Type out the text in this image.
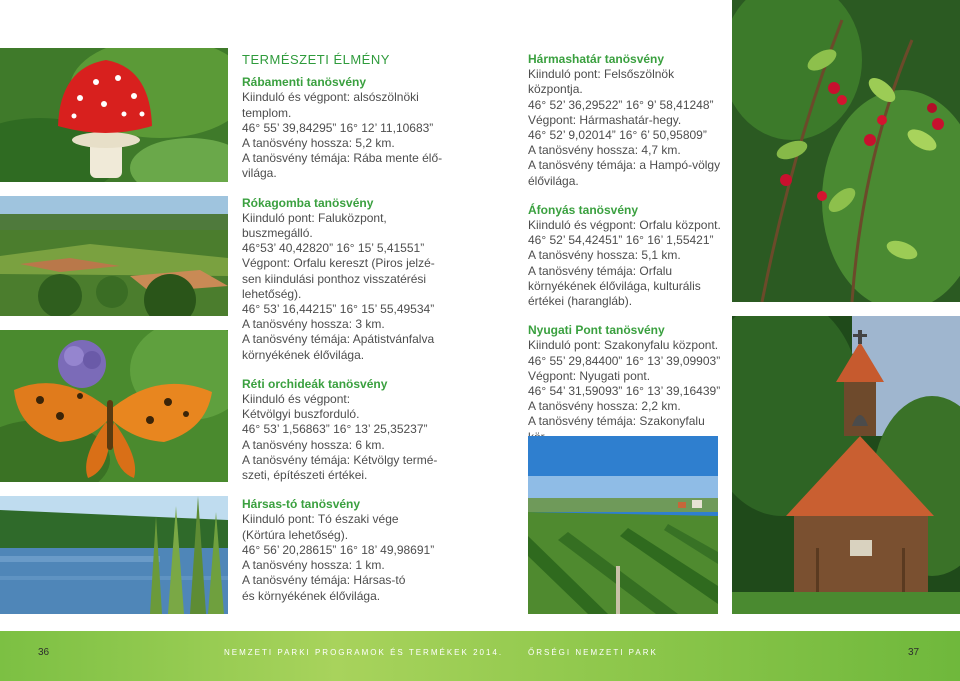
TERMÉSZETI ÉLMÉNY
Rábamenti tanösvény

Kiinduló és végpont: alsószölnöki

templom.

46° 55’ 39,84295” 16° 12’ 11,10683”

A tanösvény hossza: 5,2 km.

A tanösvény témája: Rába mente élő-

világa.

Rókagomba tanösvény

Kiinduló pont: Faluközpont,

buszmegálló.

46°53’ 40,42820” 16° 15’ 5,41551”

Végpont: Orfalu kereszt (Piros jelzé-

sen kiindulási ponthoz visszatérési

lehetőség).

46° 53’ 16,44215” 16° 15’ 55,49534”

A tanösvény hossza: 3 km.

A tanösvény témája: Apátistvánfalva

környékének élővilága.

Réti orchideák tanösvény

Kiinduló és végpont:

Kétvölgyi buszforduló.

46° 53’ 1,56863” 16° 13’ 25,35237”

A tanösvény hossza: 6 km.

A tanösvény témája: Kétvölgy termé-

szeti, építészeti értékei.

Hársas-tó tanösvény

Kiinduló pont: Tó északi vége

(Körtúra lehetőség).

46° 56’ 20,28615” 16° 18’ 49,98691”

A tanösvény hossza: 1 km.

A tanösvény témája: Hársas-tó

és környékének élővilága.

Hármashatár tanösvény

Kiinduló pont: Felsőszölnök központja.

46° 52’ 36,29522” 16° 9’ 58,41248”

Végpont: Hármashatár-hegy.

46° 52’ 9,02014” 16° 6’ 50,95809”

A tanösvény hossza: 4,7 km.

A tanösvény témája: a Hampó-völgy

élővilága.

Áfonyás tanösvény

Kiinduló és végpont: Orfalu központ.

46° 52’ 54,42451” 16° 16’ 1,55421”

A tanösvény hossza: 5,1 km.

A tanösvény témája: Orfalu

környékének élővilága, kulturális

értékei (harangláb).

Nyugati Pont tanösvény

Kiinduló pont: Szakonyfalu központ.

46° 55’ 29,84400” 16° 13’ 39,09903”

Végpont: Nyugati pont.

46° 54’ 31,59093” 16° 13’ 39,16439”

A tanösvény hossza: 2,2 km.

A tanösvény témája: Szakonyfalu

36	NEMZETI PARKI PROGRAMOK ÉS TERMÉKEK 2014.	ŐRSÉGI NEMZETI PARK	37
